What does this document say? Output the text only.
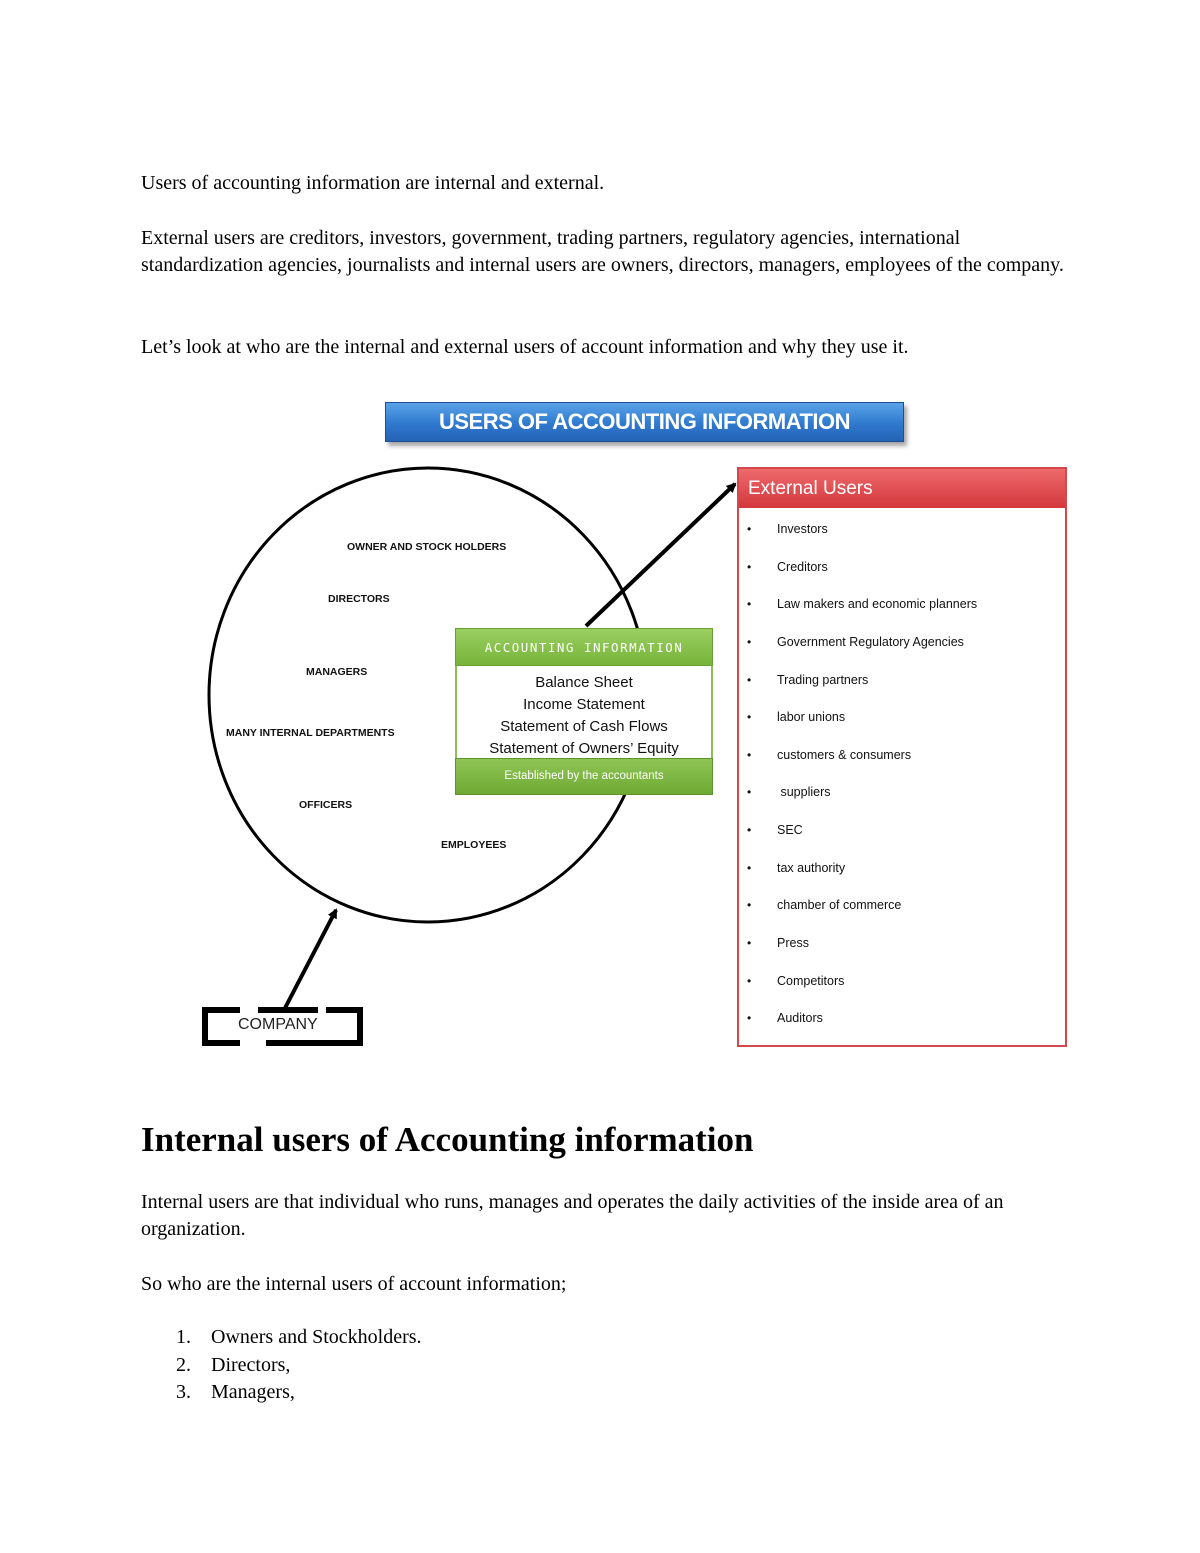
Users of accounting information are internal and external.

External users are creditors, investors, government, trading partners, regulatory agencies, international standardization agencies, journalists and internal users are owners, directors, managers, employees of the company.

Let’s look at who are the internal and external users of account information and why they use it.

USERS OF ACCOUNTING INFORMATION
OWNER AND STOCK HOLDERS
DIRECTORS
MANAGERS
MANY INTERNAL DEPARTMENTS
OFFICERS
EMPLOYEES
ACCOUNTING INFORMATION
Balance Sheet
Income Statement
Statement of Cash Flows
Statement of Owners’ Equity
Established by the accountants
External Users
• Investors
• Creditors
• Law makers and economic planners
• Government Regulatory Agencies
• Trading partners
• labor unions
• customers & consumers
• suppliers
• SEC
• tax authority
• chamber of commerce
• Press
• Competitors
• Auditors
COMPANY
Internal users of Accounting information

Internal users are that individual who runs, manages and operates the daily activities of the inside area of an organization.

So who are the internal users of account information;

1. Owners and Stockholders.
2. Directors,
3. Managers,
